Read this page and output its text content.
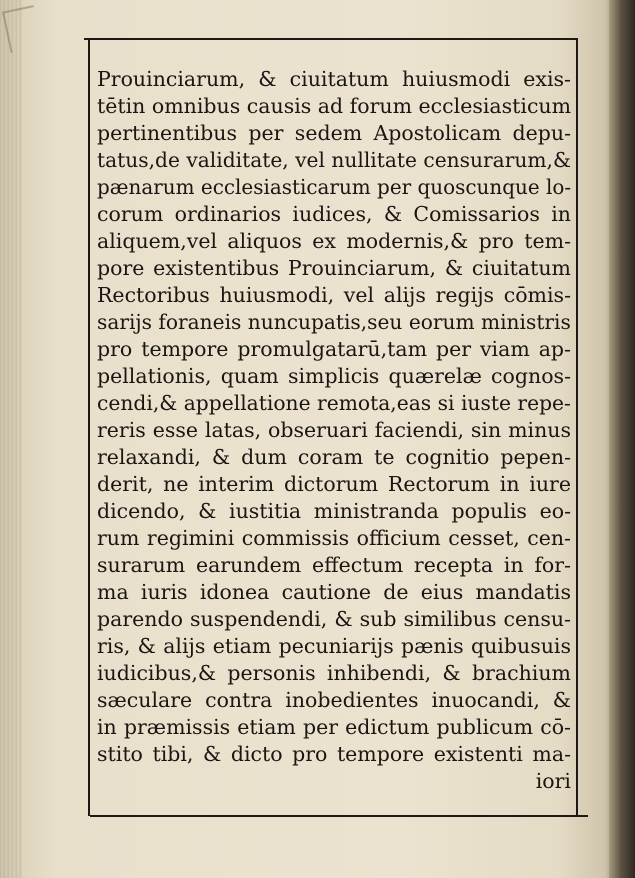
Prouinciarum, & ciuitatum huiusmodi exis-
tētin omnibus causis ad forum ecclesiasticum
pertinentibus per sedem Apostolicam depu-
tatus,de validitate, vel nullitate censurarum,&
pænarum ecclesiasticarum per quoscunque lo-
corum ordinarios iudices, & Comissarios in
aliquem,vel aliquos ex modernis,& pro tem-
pore existentibus Prouinciarum, & ciuitatum
Rectoribus huiusmodi, vel alijs regijs cōmis-
sarijs foraneis nuncupatis,seu eorum ministris
pro tempore promulgatarū,tam per viam ap-
pellationis, quam simplicis quærelæ cognos-
cendi,& appellatione remota,eas si iuste repe-
reris esse latas, obseruari faciendi, sin minus
relaxandi, & dum coram te cognitio pepen-
derit, ne interim dictorum Rectorum in iure
dicendo, & iustitia ministranda populis eo-
rum regimini commissis officium cesset, cen-
surarum earundem effectum recepta in for-
ma iuris idonea cautione de eius mandatis
parendo suspendendi, & sub similibus censu-
ris, & alijs etiam pecuniarijs pænis quibusuis
iudicibus,& personis inhibendi, & brachium
sæculare contra inobedientes inuocandi, &
in præmissis etiam per edictum publicum cō-
stito tibi, & dicto pro tempore existenti ma-
iori
